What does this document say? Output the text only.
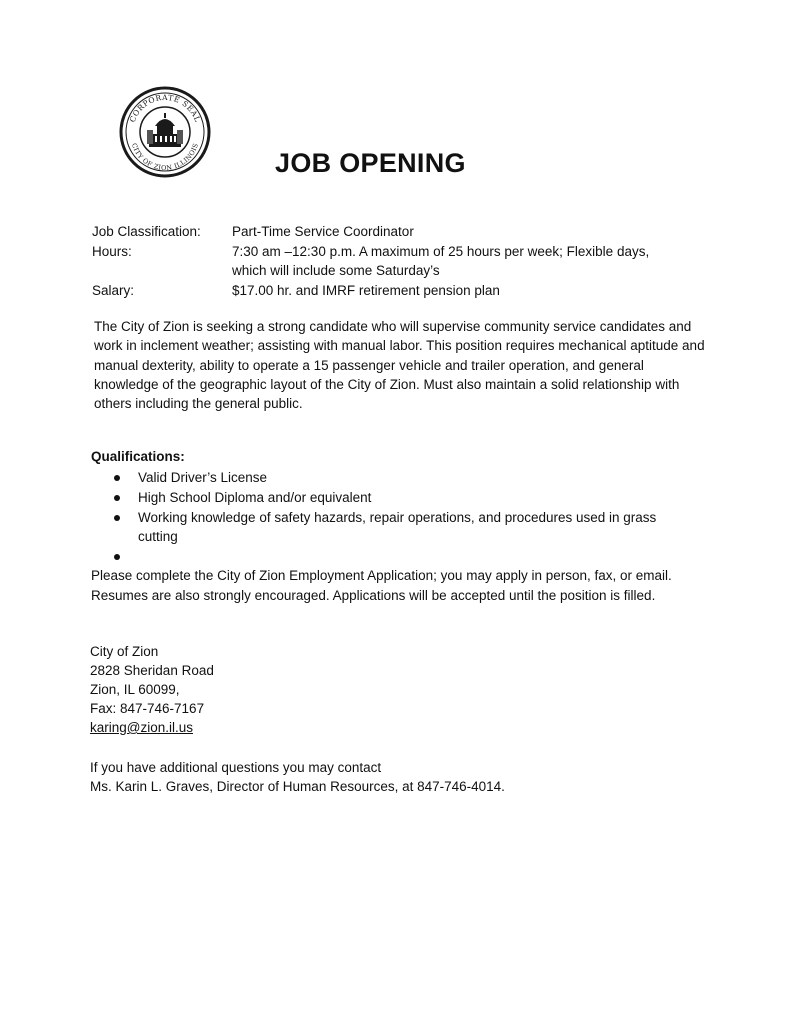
CORPORATE SEAL
CITY OF ZION ILLINOIS
JOB OPENING
Job Classification: Part-Time Service Coordinator
Hours:	7:30 am –12:30 p.m. A maximum of 25 hours per week; Flexible days, which will include some Saturday’s
Salary:	$17.00 hr. and IMRF retirement pension plan
The City of Zion is seeking a strong candidate who will supervise community service candidates and work in inclement weather; assisting with manual labor. This position requires mechanical aptitude and manual dexterity, ability to operate a 15 passenger vehicle and trailer operation, and general knowledge of the geographic layout of the City of Zion. Must also maintain a solid relationship with others including the general public.
Qualifications:
Valid Driver’s License
High School Diploma and/or equivalent
Working knowledge of safety hazards, repair operations, and procedures used in grass cutting
Please complete the City of Zion Employment Application; you may apply in person, fax, or email. Resumes are also strongly encouraged. Applications will be accepted until the position is filled.
City of Zion
2828 Sheridan Road
Zion, IL 60099,
Fax: 847-746-7167
karing@zion.il.us
If you have additional questions you may contact
Ms. Karin L. Graves, Director of Human Resources, at 847-746-4014.
